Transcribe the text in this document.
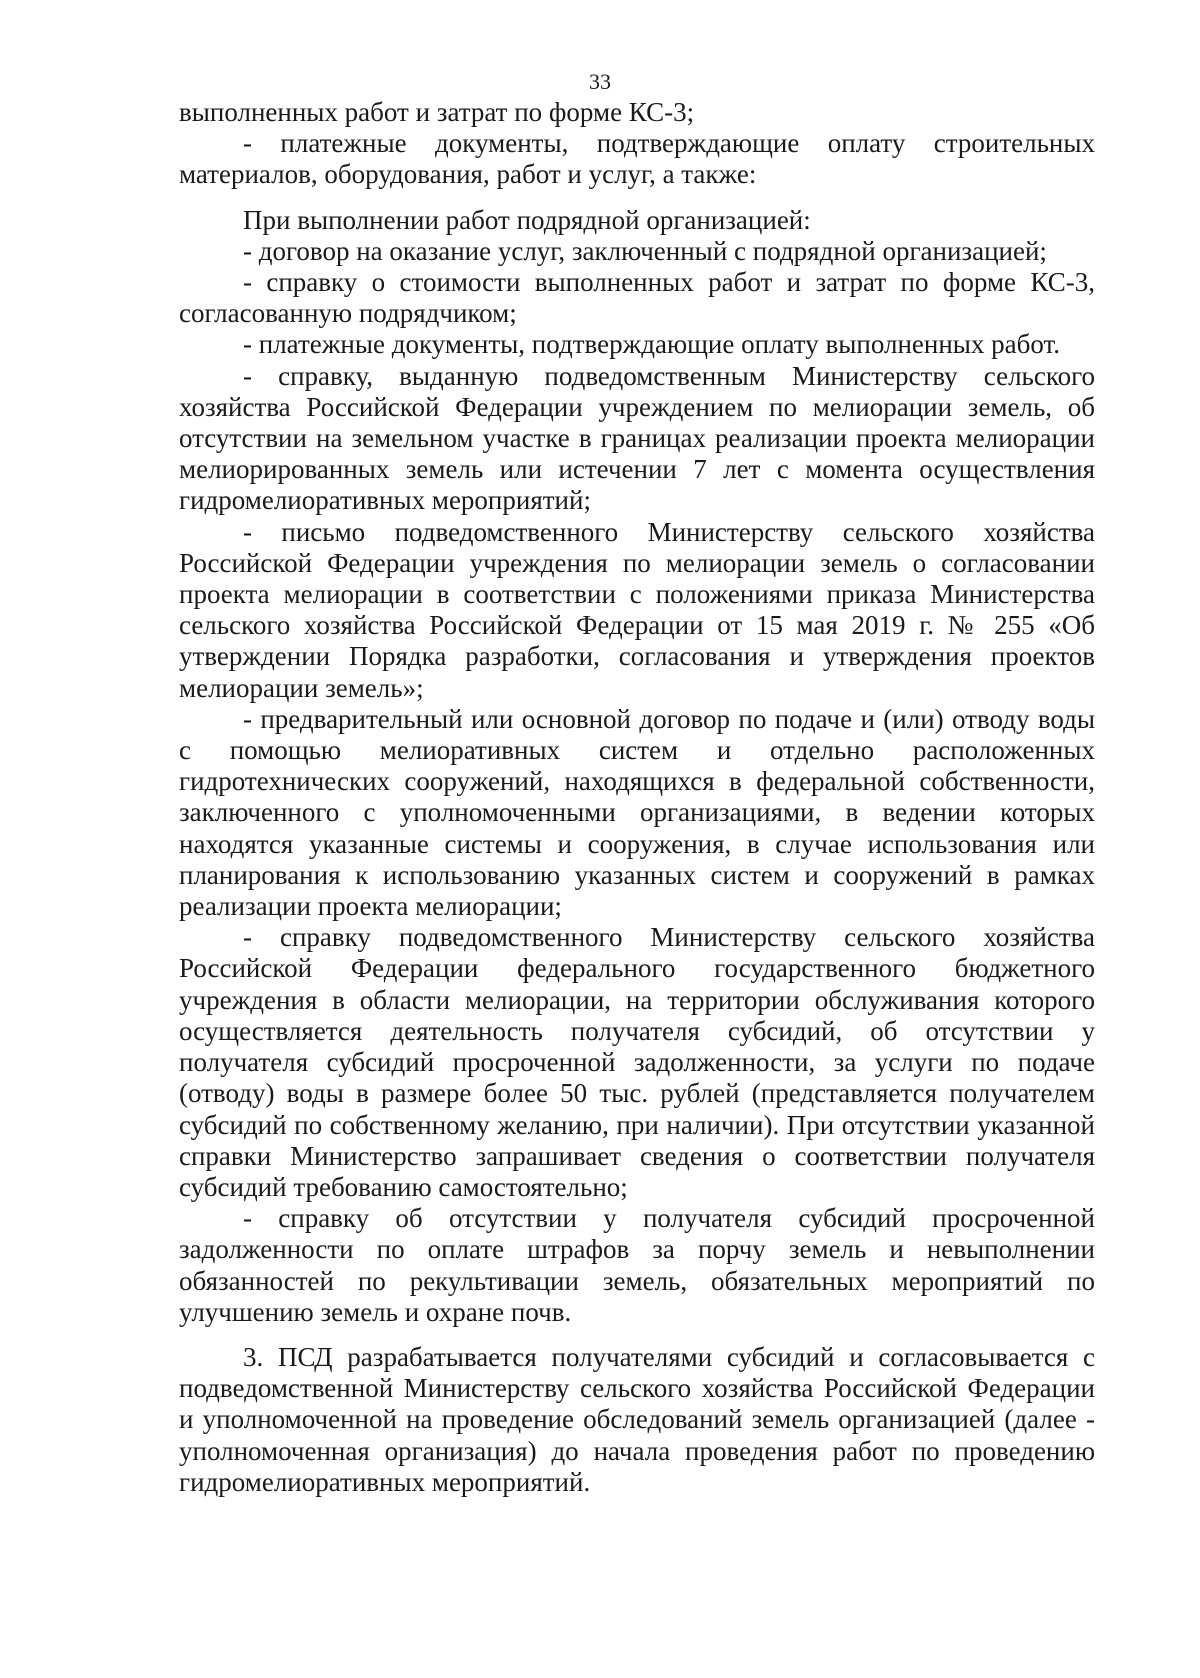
33

выполненных работ и затрат по форме КС-3;

- платежные документы, подтверждающие оплату строительных материалов, оборудования, работ и услуг, а также:

При выполнении работ подрядной организацией:

- договор на оказание услуг, заключенный с подрядной организацией;

- справку о стоимости выполненных работ и затрат по форме КС-3, согласованную подрядчиком;

- платежные документы, подтверждающие оплату выполненных работ.

- справку, выданную подведомственным Министерству сельского хозяйства Российской Федерации учреждением по мелиорации земель, об отсутствии на земельном участке в границах реализации проекта мелиорации мелиорированных земель или истечении 7 лет с момента осуществления гидромелиоративных мероприятий;

- письмо подведомственного Министерству сельского хозяйства Российской Федерации учреждения по мелиорации земель о согласовании проекта мелиорации в соответствии с положениями приказа Министерства сельского хозяйства Российской Федерации от 15 мая 2019 г. № 255 «Об утверждении Порядка разработки, согласования и утверждения проектов мелиорации земель»;

- предварительный или основной договор по подаче и (или) отводу воды с помощью мелиоративных систем и отдельно расположенных гидротехнических сооружений, находящихся в федеральной собственности, заключенного с уполномоченными организациями, в ведении которых находятся указанные системы и сооружения, в случае использования или планирования к использованию указанных систем и сооружений в рамках реализации проекта мелиорации;

- справку подведомственного Министерству сельского хозяйства Российской Федерации федерального государственного бюджетного учреждения в области мелиорации, на территории обслуживания которого осуществляется деятельность получателя субсидий, об отсутствии у получателя субсидий просроченной задолженности, за услуги по подаче (отводу) воды в размере более 50 тыс. рублей (представляется получателем субсидий по собственному желанию, при наличии). При отсутствии указанной справки Министерство запрашивает сведения о соответствии получателя субсидий требованию самостоятельно;

- справку об отсутствии у получателя субсидий просроченной задолженности по оплате штрафов за порчу земель и невыполнении обязанностей по рекультивации земель, обязательных мероприятий по улучшению земель и охране почв.

3. ПСД разрабатывается получателями субсидий и согласовывается с подведомственной Министерству сельского хозяйства Российской Федерации и уполномоченной на проведение обследований земель организацией (далее - уполномоченная организация) до начала проведения работ по проведению гидромелиоративных мероприятий.
